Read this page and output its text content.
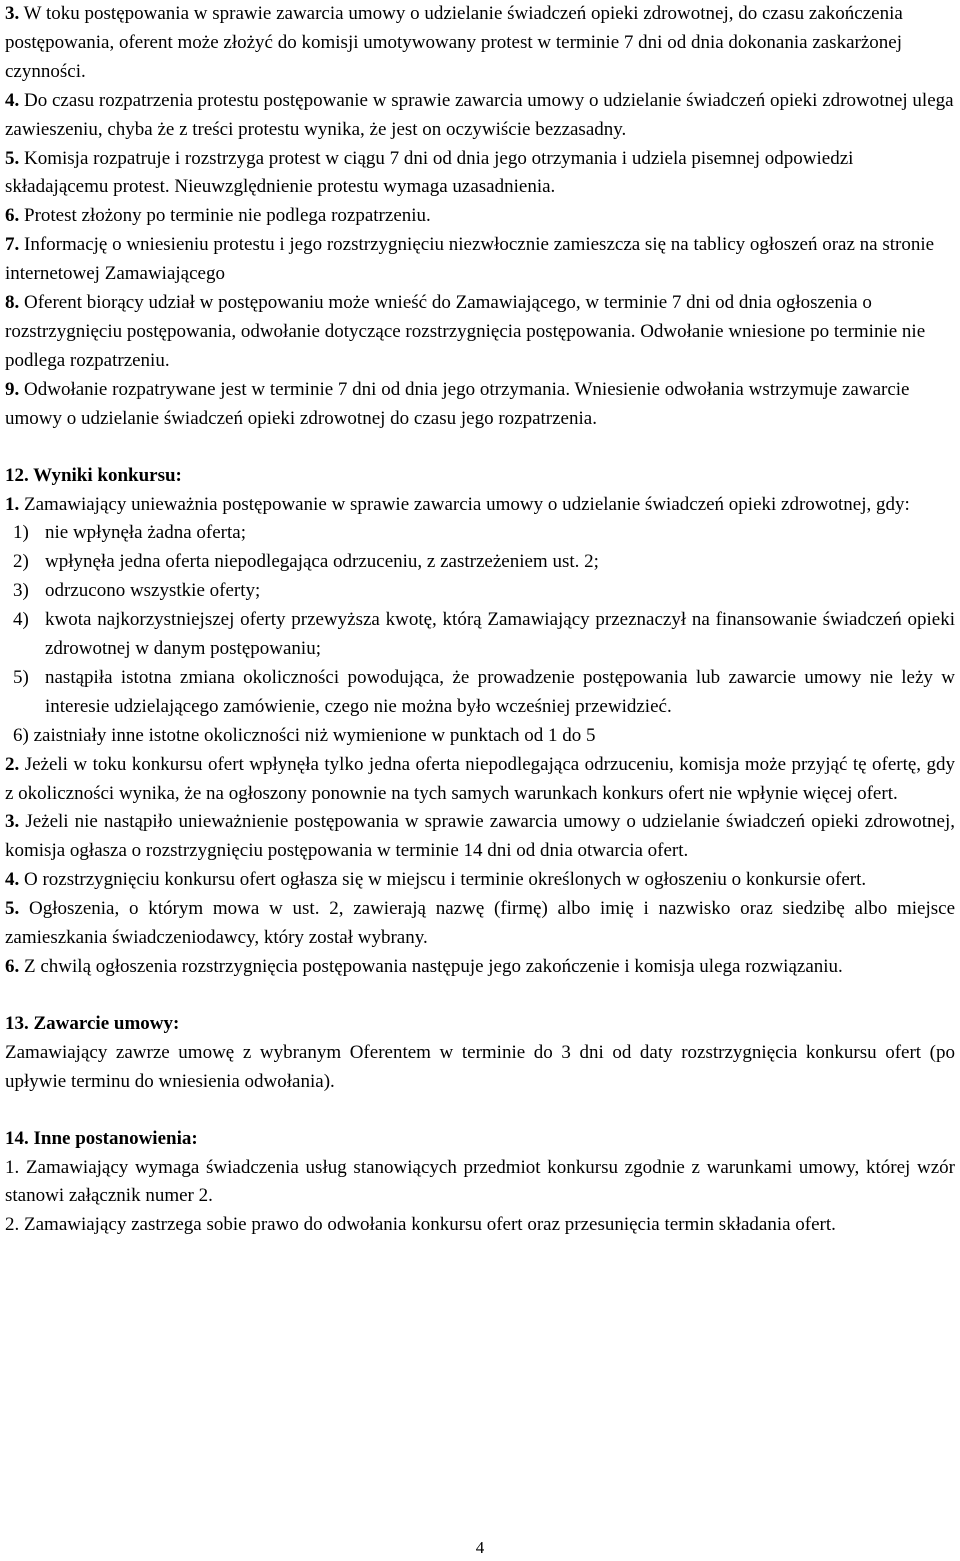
3. W toku postępowania w sprawie zawarcia umowy o udzielanie świadczeń opieki zdrowotnej, do czasu zakończenia postępowania, oferent może złożyć do komisji umotywowany protest w terminie 7 dni od dnia dokonania zaskarżonej czynności.

4. Do czasu rozpatrzenia protestu postępowanie w sprawie zawarcia umowy o udzielanie świadczeń opieki zdrowotnej ulega zawieszeniu, chyba że z treści protestu wynika, że jest on oczywiście bezzasadny.

5. Komisja rozpatruje i rozstrzyga protest w ciągu 7 dni od dnia jego otrzymania i udziela pisemnej odpowiedzi składającemu protest. Nieuwzględnienie protestu wymaga uzasadnienia.

6. Protest złożony po terminie nie podlega rozpatrzeniu.

7. Informację o wniesieniu protestu i jego rozstrzygnięciu niezwłocznie zamieszcza się na tablicy ogłoszeń oraz na stronie internetowej Zamawiającego

8. Oferent biorący udział w postępowaniu może wnieść do Zamawiającego, w terminie 7 dni od dnia ogłoszenia o rozstrzygnięciu postępowania, odwołanie dotyczące rozstrzygnięcia postępowania. Odwołanie wniesione po terminie nie podlega rozpatrzeniu.

9. Odwołanie rozpatrywane jest w terminie 7 dni od dnia jego otrzymania. Wniesienie odwołania wstrzymuje zawarcie umowy o udzielanie świadczeń opieki zdrowotnej do czasu jego rozpatrzenia.

12. Wyniki konkursu:

1. Zamawiający unieważnia postępowanie w sprawie zawarcia umowy o udzielanie świadczeń opieki zdrowotnej, gdy:

1) nie wpłynęła żadna oferta;
2) wpłynęła jedna oferta niepodlegająca odrzuceniu, z zastrzeżeniem ust. 2;
3) odrzucono wszystkie oferty;
4) kwota najkorzystniejszej oferty przewyższa kwotę, którą Zamawiający przeznaczył na finansowanie świadczeń opieki zdrowotnej w danym postępowaniu;
5) nastąpiła istotna zmiana okoliczności powodująca, że prowadzenie postępowania lub zawarcie umowy nie leży w interesie udzielającego zamówienie, czego nie można było wcześniej przewidzieć.

6) zaistniały inne istotne okoliczności niż wymienione w punktach od 1 do 5

2. Jeżeli w toku konkursu ofert wpłynęła tylko jedna oferta niepodlegająca odrzuceniu, komisja może przyjąć tę ofertę, gdy z okoliczności wynika, że na ogłoszony ponownie na tych samych warunkach konkurs ofert nie wpłynie więcej ofert.

3. Jeżeli nie nastąpiło unieważnienie postępowania w sprawie zawarcia umowy o udzielanie świadczeń opieki zdrowotnej, komisja ogłasza o rozstrzygnięciu postępowania w terminie 14 dni od dnia otwarcia ofert.

4. O rozstrzygnięciu konkursu ofert ogłasza się w miejscu i terminie określonych w ogłoszeniu o konkursie ofert.

5. Ogłoszenia, o którym mowa w ust. 2, zawierają nazwę (firmę) albo imię i nazwisko oraz siedzibę albo miejsce zamieszkania świadczeniodawcy, który został wybrany.

6. Z chwilą ogłoszenia rozstrzygnięcia postępowania następuje jego zakończenie i komisja ulega rozwiązaniu.

13. Zawarcie umowy:

Zamawiający zawrze umowę z wybranym Oferentem w terminie do 3 dni od daty rozstrzygnięcia konkursu ofert (po upływie terminu do wniesienia odwołania).

14. Inne postanowienia:

1. Zamawiający wymaga świadczenia usług stanowiących przedmiot konkursu zgodnie z warunkami umowy, której wzór stanowi załącznik numer 2.

2. Zamawiający zastrzega sobie prawo do odwołania konkursu ofert oraz przesunięcia termin składania ofert.

4
